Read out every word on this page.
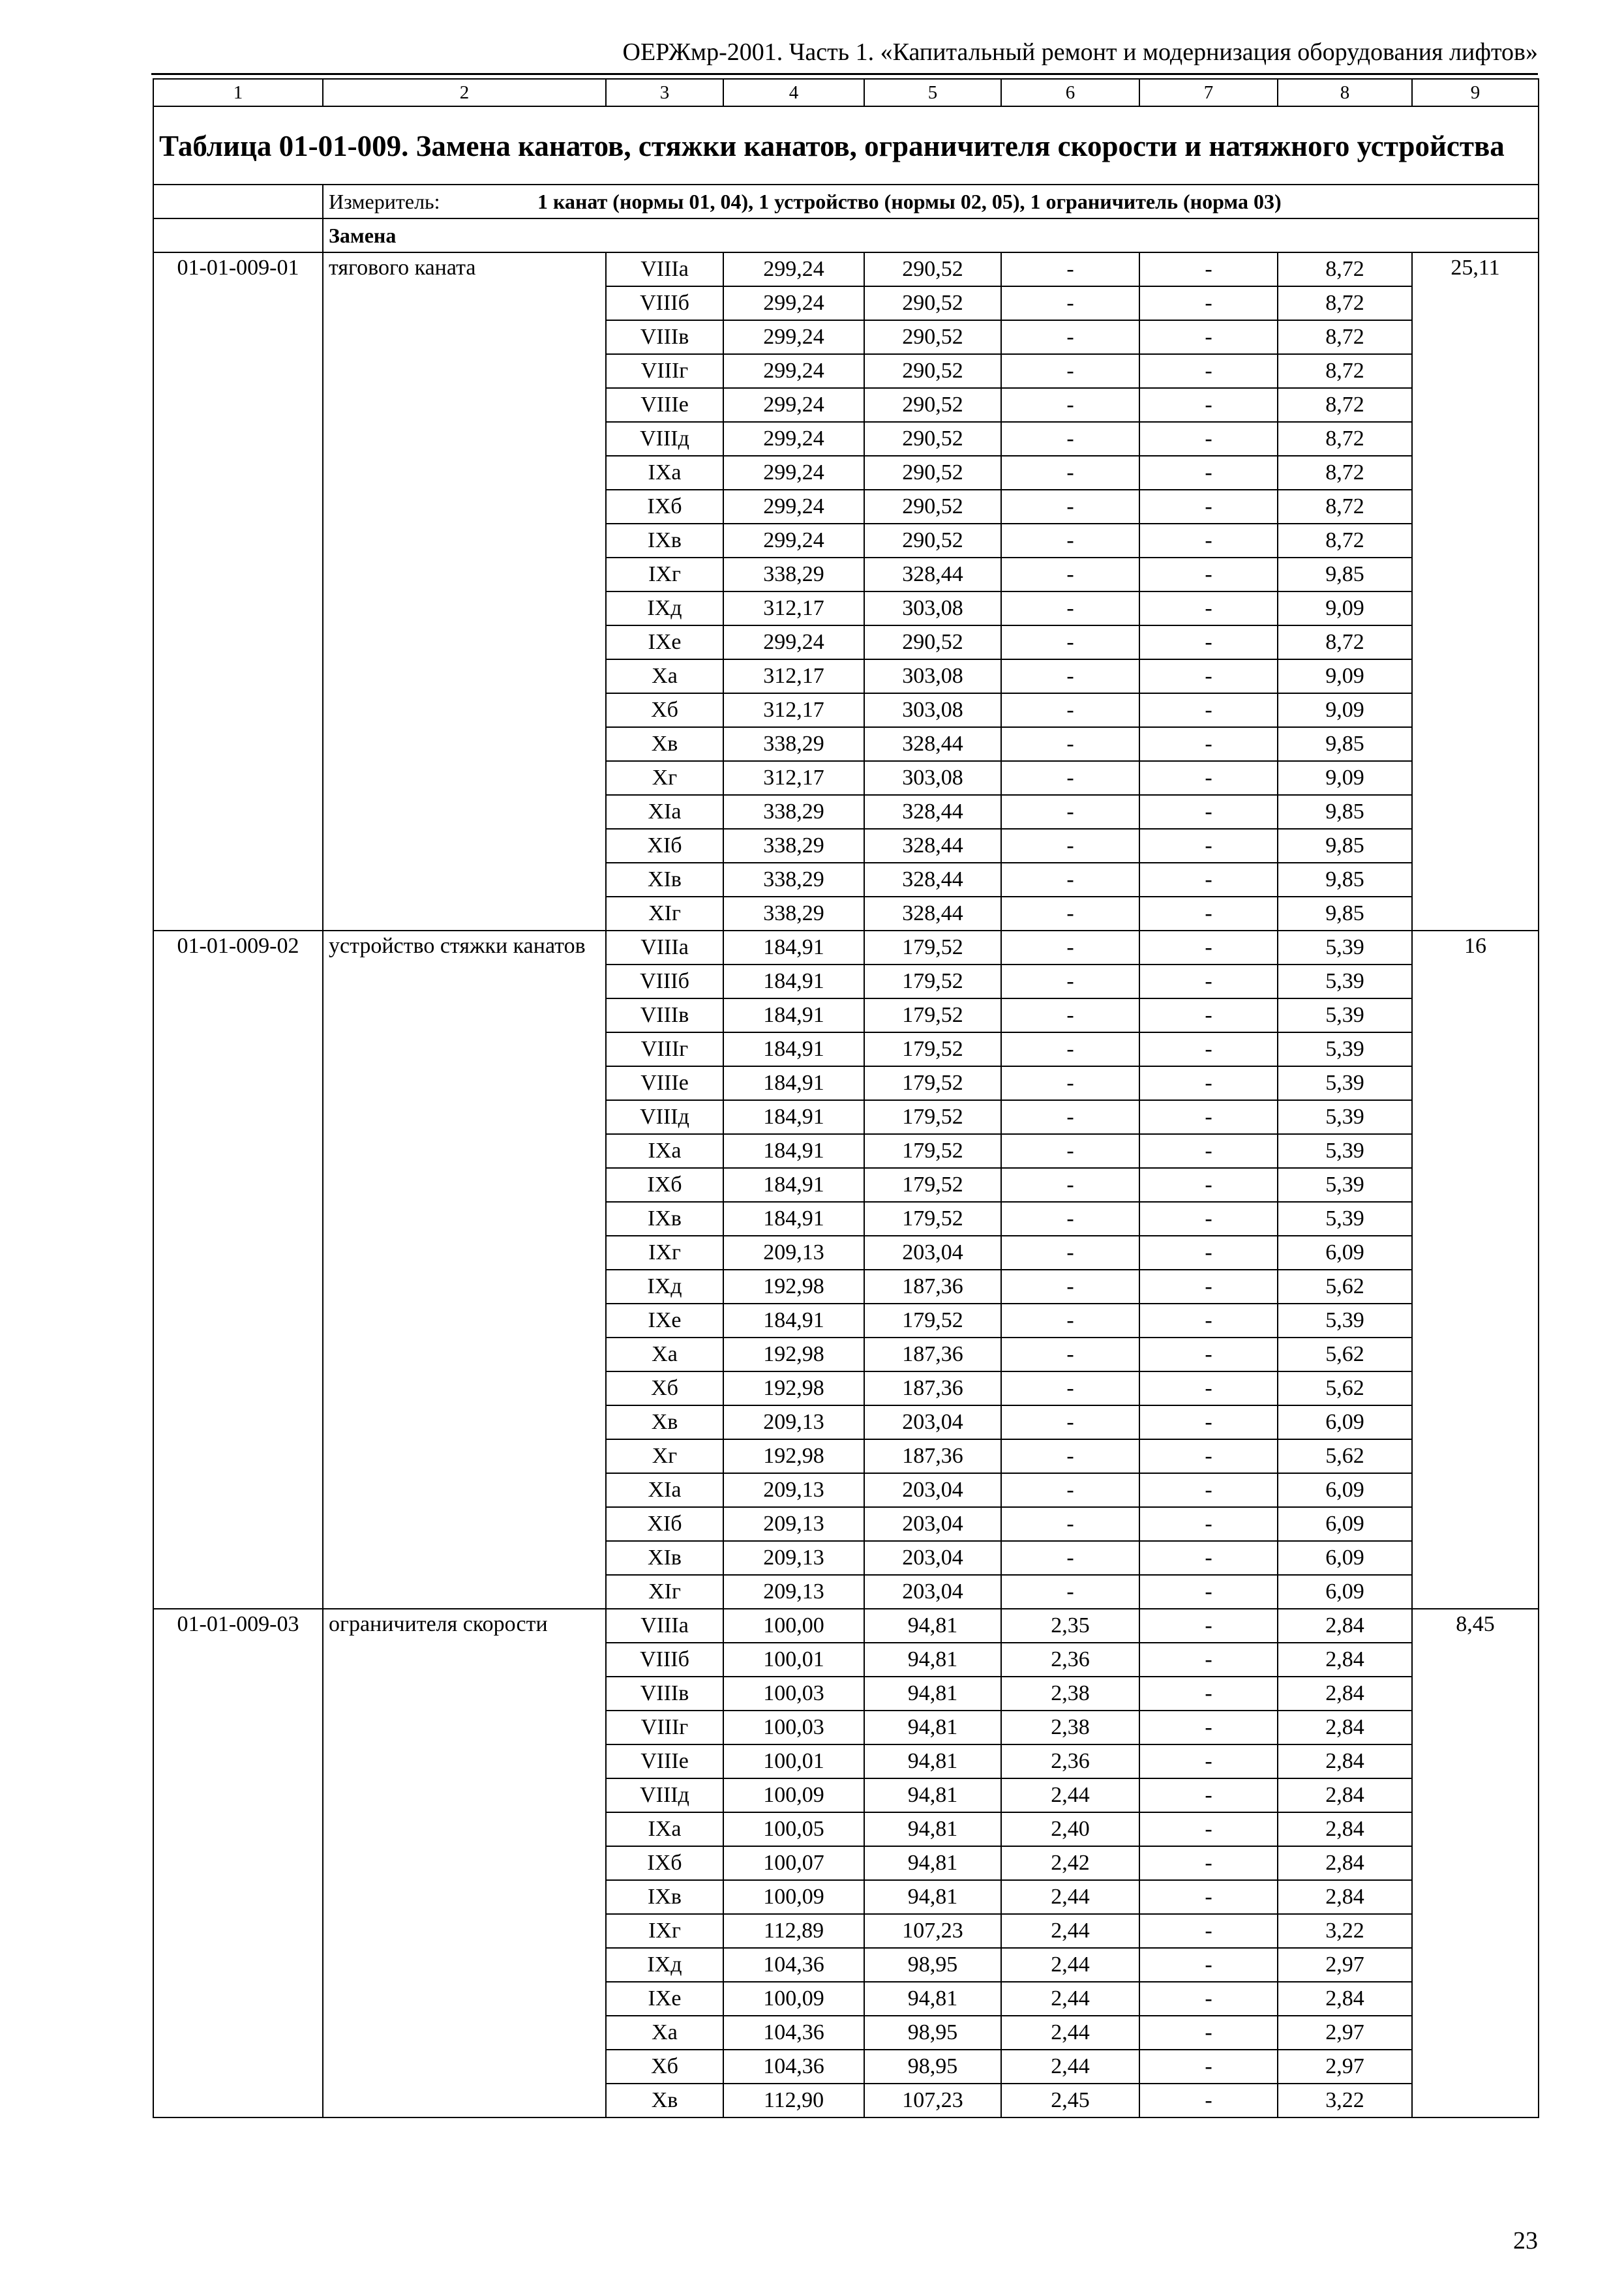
ОЕРЖмр-2001. Часть 1. «Капитальный ремонт и модернизация оборудования лифтов»
1	2	3	4	5	6	7	8	9
Таблица 01-01-009. Замена канатов, стяжки канатов, ограничителя скорости и натяжного устройства								
	Измеритель: 1 канат (нормы 01, 04), 1 устройство (нормы 02, 05), 1 ограничитель (норма 03)							
	Замена							
01-01-009-01	тягового каната	VIIIа	299,24	290,52	-	-	8,72	25,11
		VIIIб	299,24	290,52	-	-	8,72	
		VIIIв	299,24	290,52	-	-	8,72	
		VIIIг	299,24	290,52	-	-	8,72	
		VIIIе	299,24	290,52	-	-	8,72	
		VIIIд	299,24	290,52	-	-	8,72	
		IXа	299,24	290,52	-	-	8,72	
		IXб	299,24	290,52	-	-	8,72	
		IXв	299,24	290,52	-	-	8,72	
		IXг	338,29	328,44	-	-	9,85	
		IXд	312,17	303,08	-	-	9,09	
		IXе	299,24	290,52	-	-	8,72	
		Xа	312,17	303,08	-	-	9,09	
		Xб	312,17	303,08	-	-	9,09	
		Xв	338,29	328,44	-	-	9,85	
		Xг	312,17	303,08	-	-	9,09	
		XIа	338,29	328,44	-	-	9,85	
		XIб	338,29	328,44	-	-	9,85	
		XIв	338,29	328,44	-	-	9,85	
		XIг	338,29	328,44	-	-	9,85	
01-01-009-02	устройство стяжки канатов	VIIIа	184,91	179,52	-	-	5,39	16
		VIIIб	184,91	179,52	-	-	5,39	
		VIIIв	184,91	179,52	-	-	5,39	
		VIIIг	184,91	179,52	-	-	5,39	
		VIIIе	184,91	179,52	-	-	5,39	
		VIIIд	184,91	179,52	-	-	5,39	
		IXа	184,91	179,52	-	-	5,39	
		IXб	184,91	179,52	-	-	5,39	
		IXв	184,91	179,52	-	-	5,39	
		IXг	209,13	203,04	-	-	6,09	
		IXд	192,98	187,36	-	-	5,62	
		IXе	184,91	179,52	-	-	5,39	
		Xа	192,98	187,36	-	-	5,62	
		Xб	192,98	187,36	-	-	5,62	
		Xв	209,13	203,04	-	-	6,09	
		Xг	192,98	187,36	-	-	5,62	
		XIа	209,13	203,04	-	-	6,09	
		XIб	209,13	203,04	-	-	6,09	
		XIв	209,13	203,04	-	-	6,09	
		XIг	209,13	203,04	-	-	6,09	
01-01-009-03	ограничителя скорости	VIIIа	100,00	94,81	2,35	-	2,84	8,45
		VIIIб	100,01	94,81	2,36	-	2,84	
		VIIIв	100,03	94,81	2,38	-	2,84	
		VIIIг	100,03	94,81	2,38	-	2,84	
		VIIIе	100,01	94,81	2,36	-	2,84	
		VIIIд	100,09	94,81	2,44	-	2,84	
		IXа	100,05	94,81	2,40	-	2,84	
		IXб	100,07	94,81	2,42	-	2,84	
		IXв	100,09	94,81	2,44	-	2,84	
		IXг	112,89	107,23	2,44	-	3,22	
		IXд	104,36	98,95	2,44	-	2,97	
		IXе	100,09	94,81	2,44	-	2,84	
		Xа	104,36	98,95	2,44	-	2,97	
		Xб	104,36	98,95	2,44	-	2,97	
		Xв	112,90	107,23	2,45	-	3,22	
23
